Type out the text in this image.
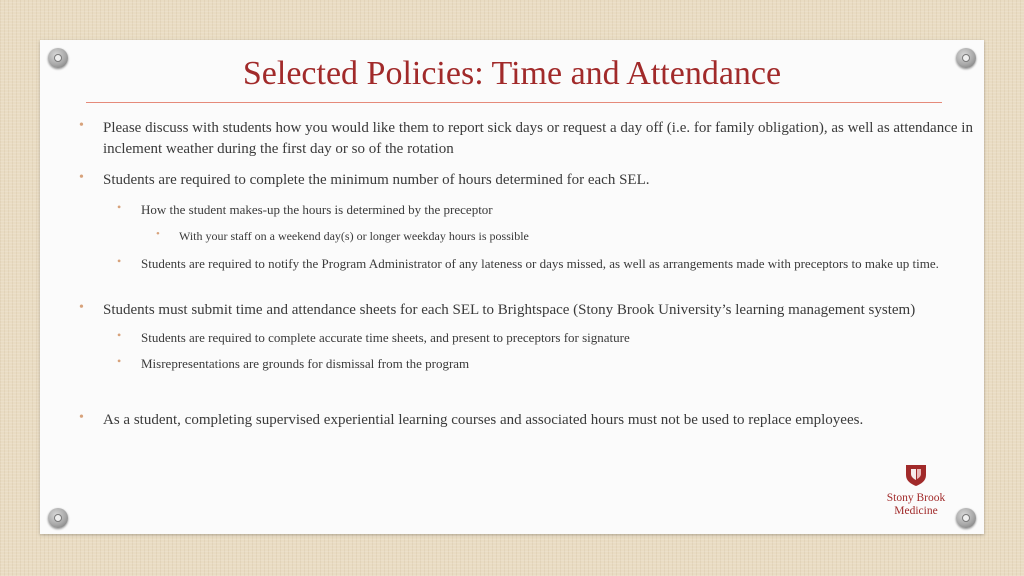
Selected Policies: Time and Attendance
• Please discuss with students how you would like them to report sick days or request a day off (i.e. for family obligation), as well as attendance in inclement weather during the first day or so of the rotation
• Students are required to complete the minimum number of hours determined for each SEL.
• How the student makes-up the hours is determined by the preceptor
• With your staff on a weekend day(s) or longer weekday hours is possible
• Students are required to notify the Program Administrator of any lateness or days missed, as well as arrangements made with preceptors to make up time.
• Students must submit time and attendance sheets for each SEL to Brightspace (Stony Brook University’s learning management system)
• Students are required to complete accurate time sheets, and present to preceptors for signature
• Misrepresentations are grounds for dismissal from the program
• As a student, completing supervised experiential learning courses and associated hours must not be used to replace employees.
Stony Brook
Medicine
